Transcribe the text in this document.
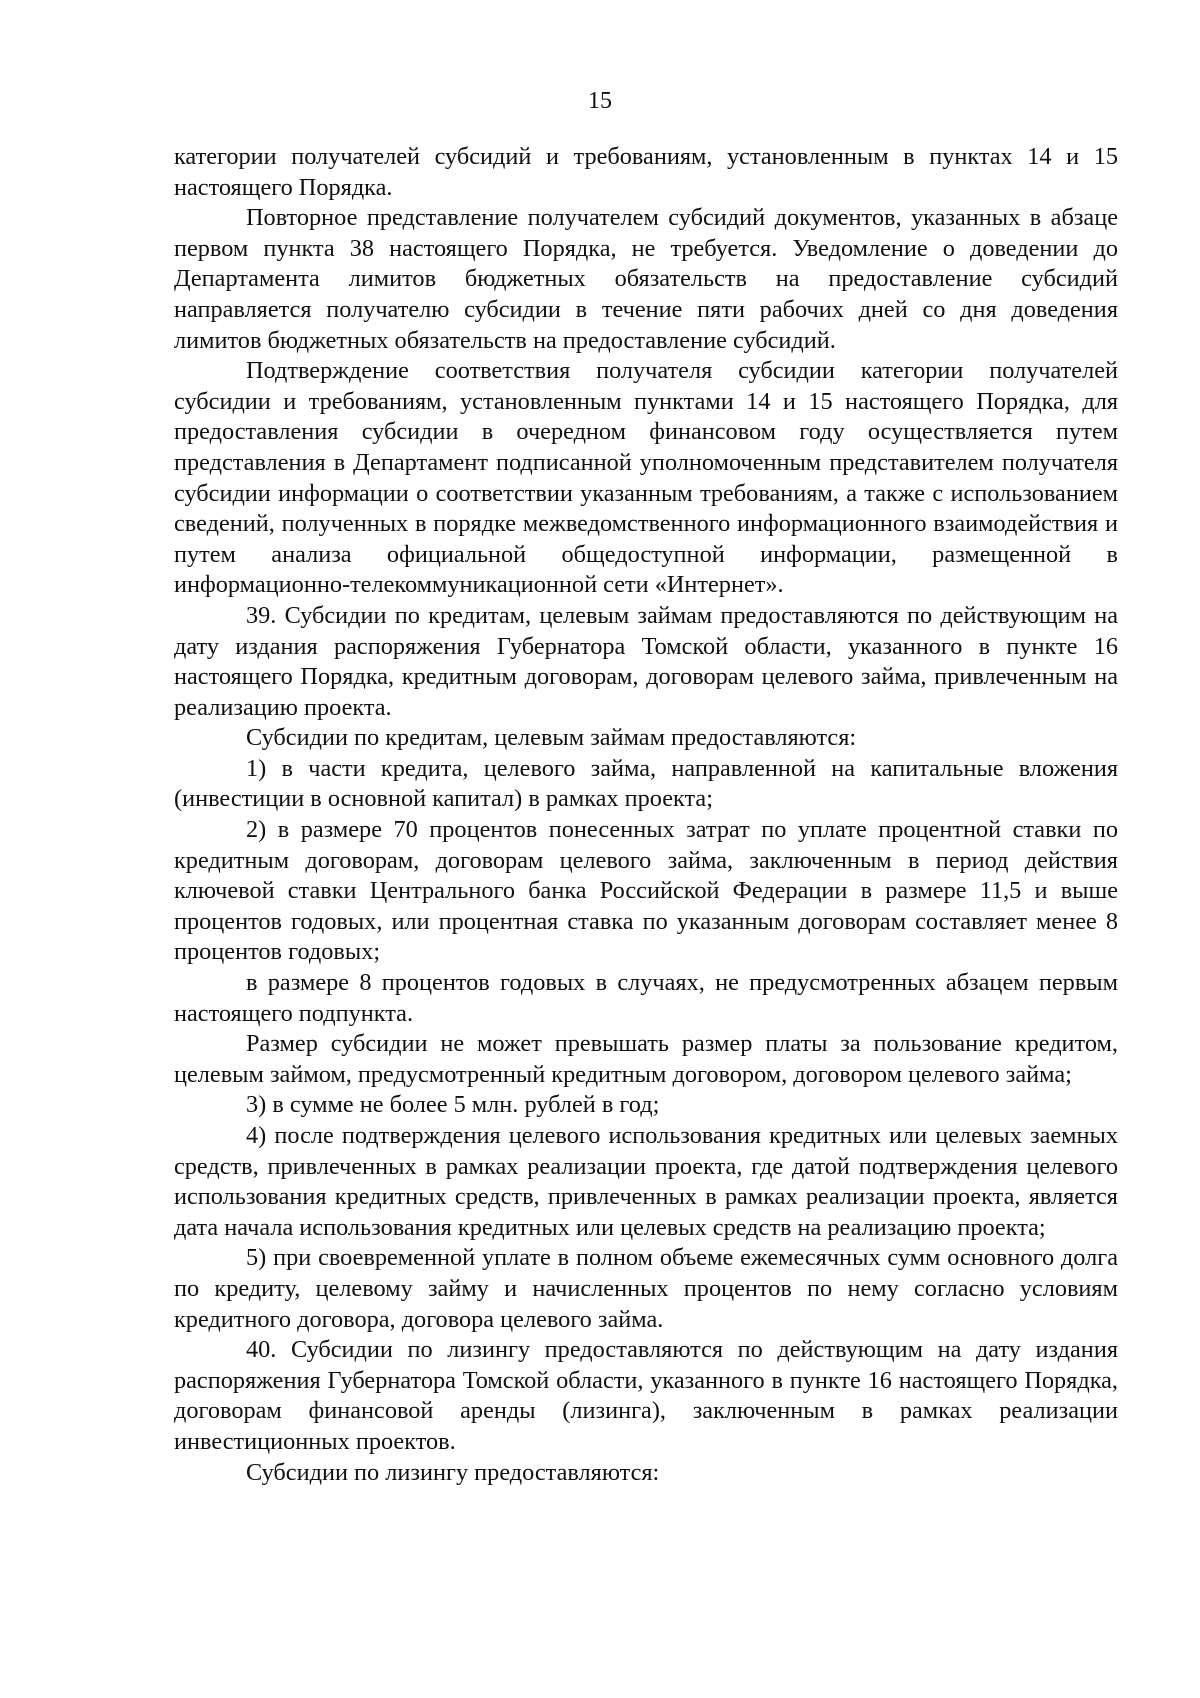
15

категории получателей субсидий и требованиям, установленным в пунктах 14 и 15 настоящего Порядка.

Повторное представление получателем субсидий документов, указанных в абзаце первом пункта 38 настоящего Порядка, не требуется. Уведомление о доведении до Департамента лимитов бюджетных обязательств на предоставление субсидий направляется получателю субсидии в течение пяти рабочих дней со дня доведения лимитов бюджетных обязательств на предоставление субсидий.

Подтверждение соответствия получателя субсидии категории получателей субсидии и требованиям, установленным пунктами 14 и 15 настоящего Порядка, для предоставления субсидии в очередном финансовом году осуществляется путем представления в Департамент подписанной уполномоченным представителем получателя субсидии информации о соответствии указанным требованиям, а также с использованием сведений, полученных в порядке межведомственного информационного взаимодействия и путем анализа официальной общедоступной информации, размещенной в информационно-телекоммуникационной сети «Интернет».

39. Субсидии по кредитам, целевым займам предоставляются по действующим на дату издания распоряжения Губернатора Томской области, указанного в пункте 16 настоящего Порядка, кредитным договорам, договорам целевого займа, привлеченным на реализацию проекта.

Субсидии по кредитам, целевым займам предоставляются:

1) в части кредита, целевого займа, направленной на капитальные вложения (инвестиции в основной капитал) в рамках проекта;

2) в размере 70 процентов понесенных затрат по уплате процентной ставки по кредитным договорам, договорам целевого займа, заключенным в период действия ключевой ставки Центрального банка Российской Федерации в размере 11,5 и выше процентов годовых, или процентная ставка по указанным договорам составляет менее 8 процентов годовых;

в размере 8 процентов годовых в случаях, не предусмотренных абзацем первым настоящего подпункта.

Размер субсидии не может превышать размер платы за пользование кредитом, целевым займом, предусмотренный кредитным договором, договором целевого займа;

3) в сумме не более 5 млн. рублей в год;

4) после подтверждения целевого использования кредитных или целевых заемных средств, привлеченных в рамках реализации проекта, где датой подтверждения целевого использования кредитных средств, привлеченных в рамках реализации проекта, является дата начала использования кредитных или целевых средств на реализацию проекта;

5) при своевременной уплате в полном объеме ежемесячных сумм основного долга по кредиту, целевому займу и начисленных процентов по нему согласно условиям кредитного договора, договора целевого займа.

40. Субсидии по лизингу предоставляются по действующим на дату издания распоряжения Губернатора Томской области, указанного в пункте 16 настоящего Порядка, договорам финансовой аренды (лизинга), заключенным в рамках реализации инвестиционных проектов.

Субсидии по лизингу предоставляются:
